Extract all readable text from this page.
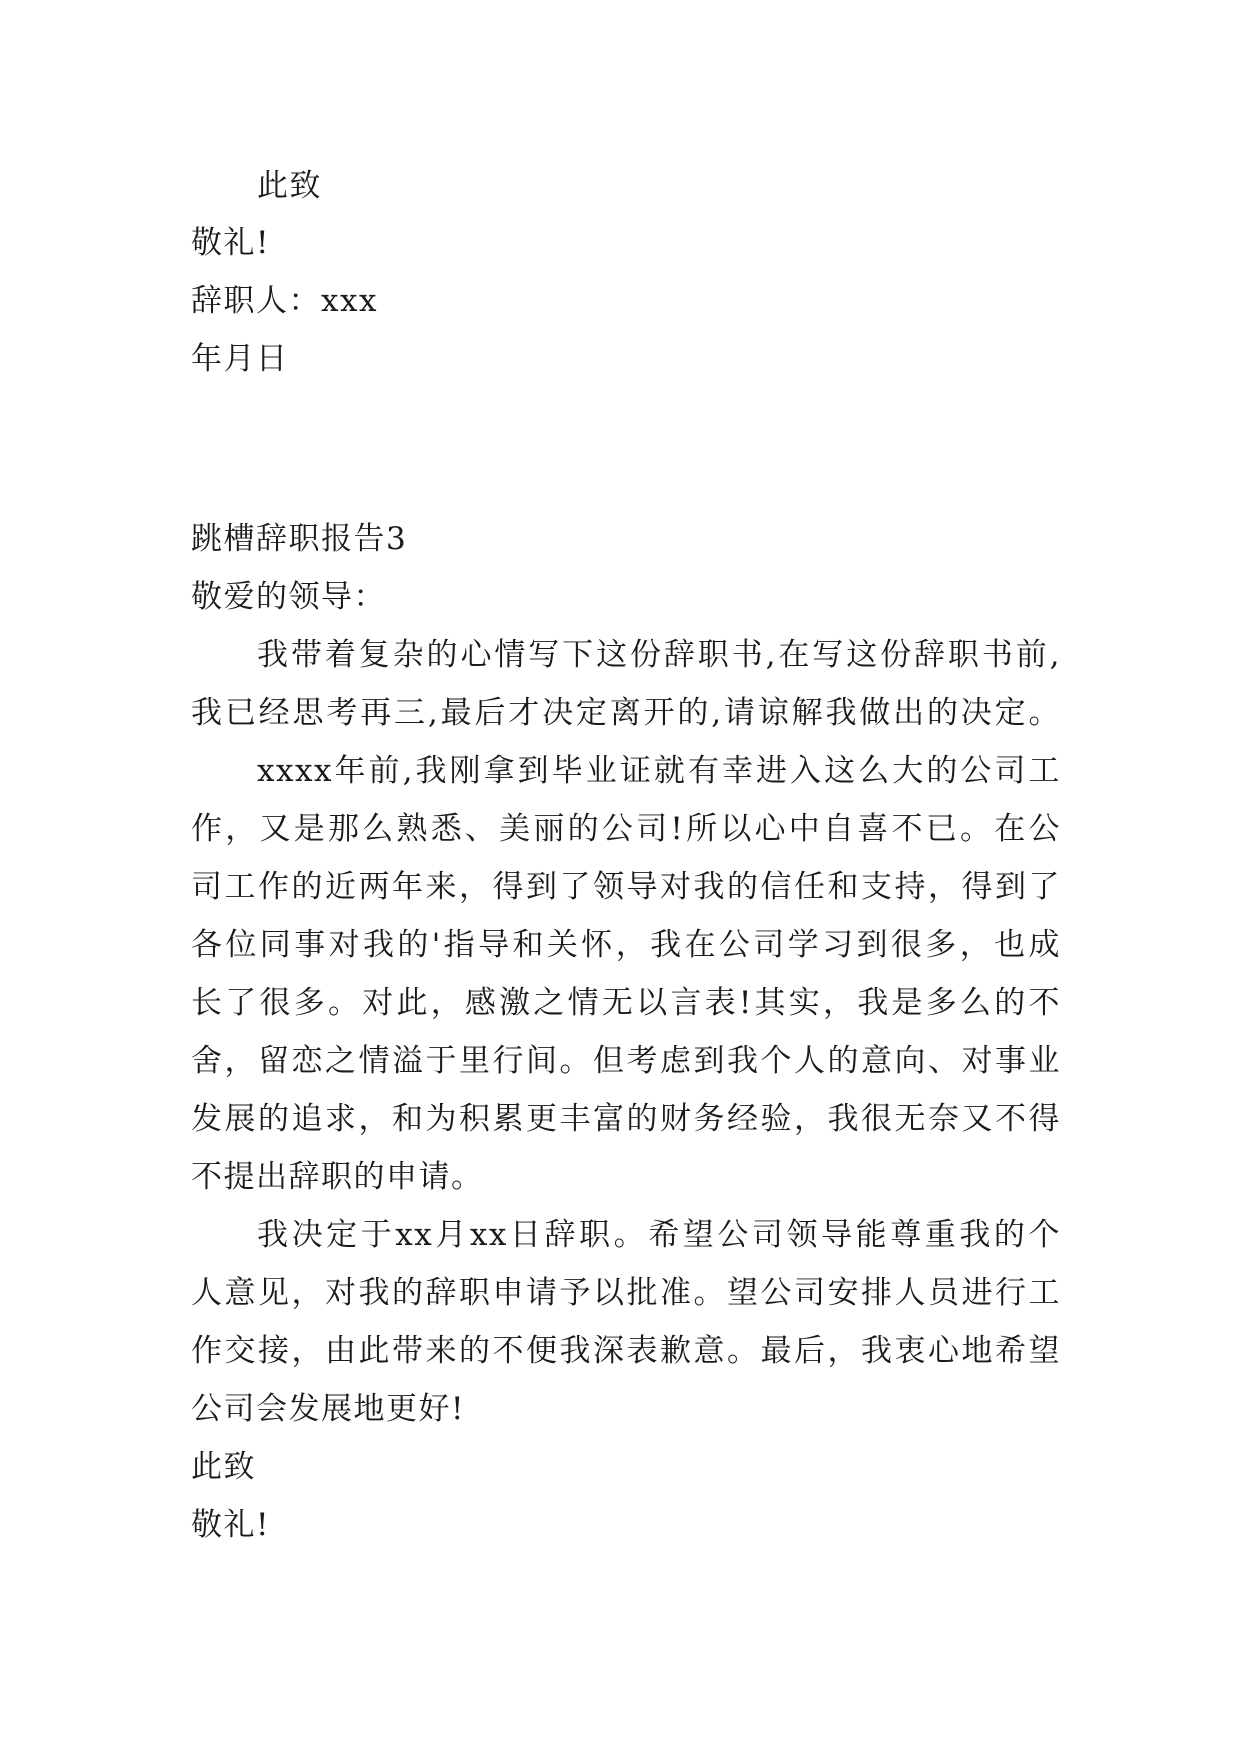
此致
敬礼!
辞职人：xxx
年月日
跳槽辞职报告3
敬爱的领导：
我带着复杂的心情写下这份辞职书,在写这份辞职书前,
我已经思考再三,最后才决定离开的,请谅解我做出的决定。
xxxx年前,我刚拿到毕业证就有幸进入这么大的公司工
作，又是那么熟悉、美丽的公司!所以心中自喜不已。在公
司工作的近两年来，得到了领导对我的信任和支持，得到了
各位同事对我的'指导和关怀，我在公司学习到很多，也成
长了很多。对此，感激之情无以言表!其实，我是多么的不
舍，留恋之情溢于里行间。但考虑到我个人的意向、对事业
发展的追求，和为积累更丰富的财务经验，我很无奈又不得
不提出辞职的申请。
我决定于xx月xx日辞职。希望公司领导能尊重我的个
人意见，对我的辞职申请予以批准。望公司安排人员进行工
作交接，由此带来的不便我深表歉意。最后，我衷心地希望
公司会发展地更好!
此致
敬礼!
